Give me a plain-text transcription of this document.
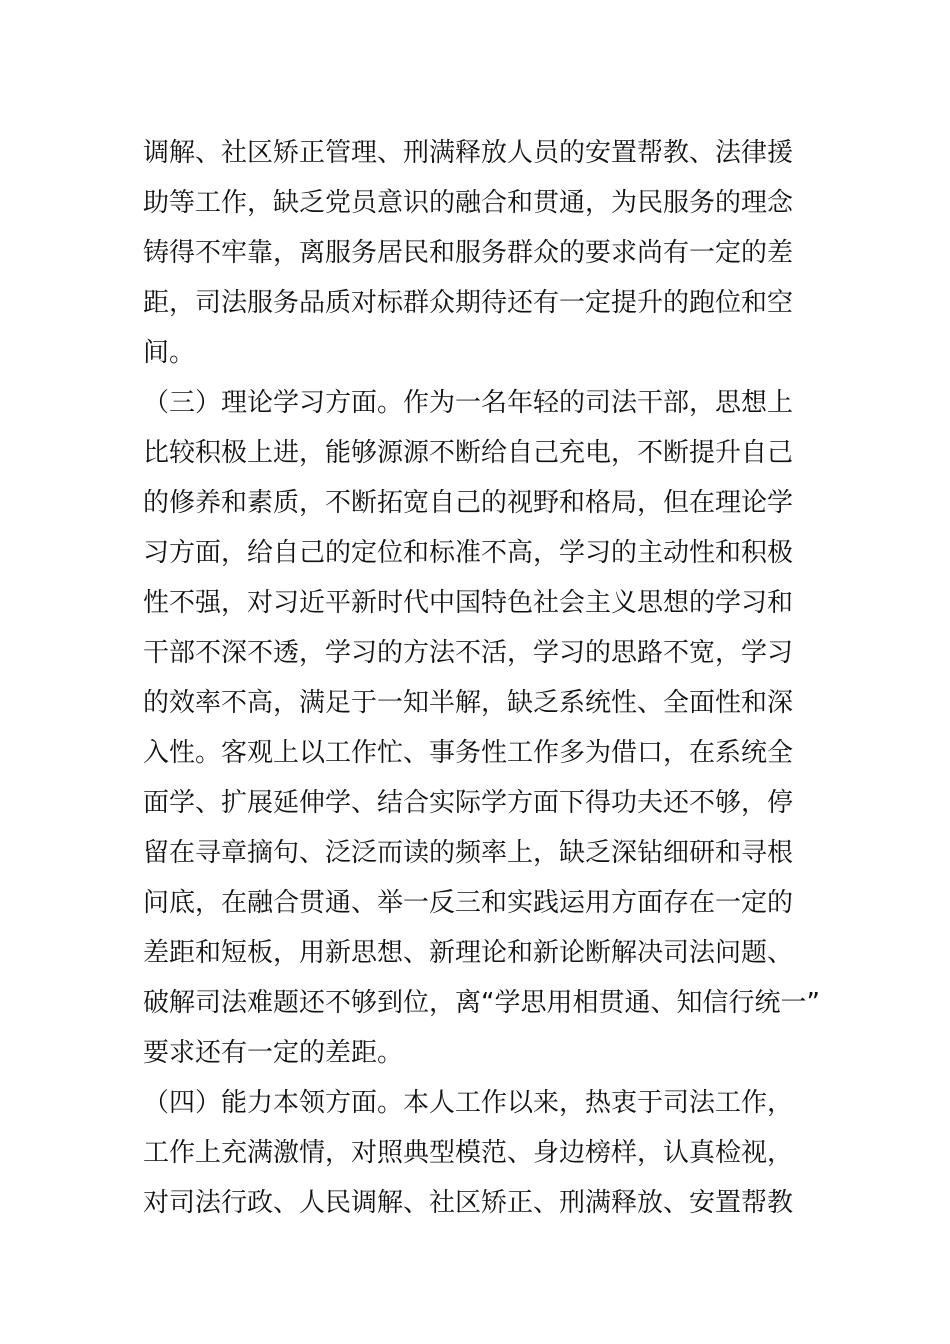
调解、社区矫正管理、刑满释放人员的安置帮教、法律援
助等工作，缺乏党员意识的融合和贯通，为民服务的理念
铸得不牢靠，离服务居民和服务群众的要求尚有一定的差
距，司法服务品质对标群众期待还有一定提升的跑位和空
间。
（三）理论学习方面。作为一名年轻的司法干部，思想上
比较积极上进，能够源源不断给自己充电，不断提升自己
的修养和素质，不断拓宽自己的视野和格局，但在理论学
习方面，给自己的定位和标准不高，学习的主动性和积极
性不强，对习近平新时代中国特色社会主义思想的学习和
干部不深不透，学习的方法不活，学习的思路不宽，学习
的效率不高，满足于一知半解，缺乏系统性、全面性和深
入性。客观上以工作忙、事务性工作多为借口，在系统全
面学、扩展延伸学、结合实际学方面下得功夫还不够，停
留在寻章摘句、泛泛而读的频率上，缺乏深钻细研和寻根
问底，在融合贯通、举一反三和实践运用方面存在一定的
差距和短板，用新思想、新理论和新论断解决司法问题、
破解司法难题还不够到位，离“学思用相贯通、知信行统一”
要求还有一定的差距。
（四）能力本领方面。本人工作以来，热衷于司法工作，
工作上充满激情，对照典型模范、身边榜样，认真检视，
对司法行政、人民调解、社区矫正、刑满释放、安置帮教
